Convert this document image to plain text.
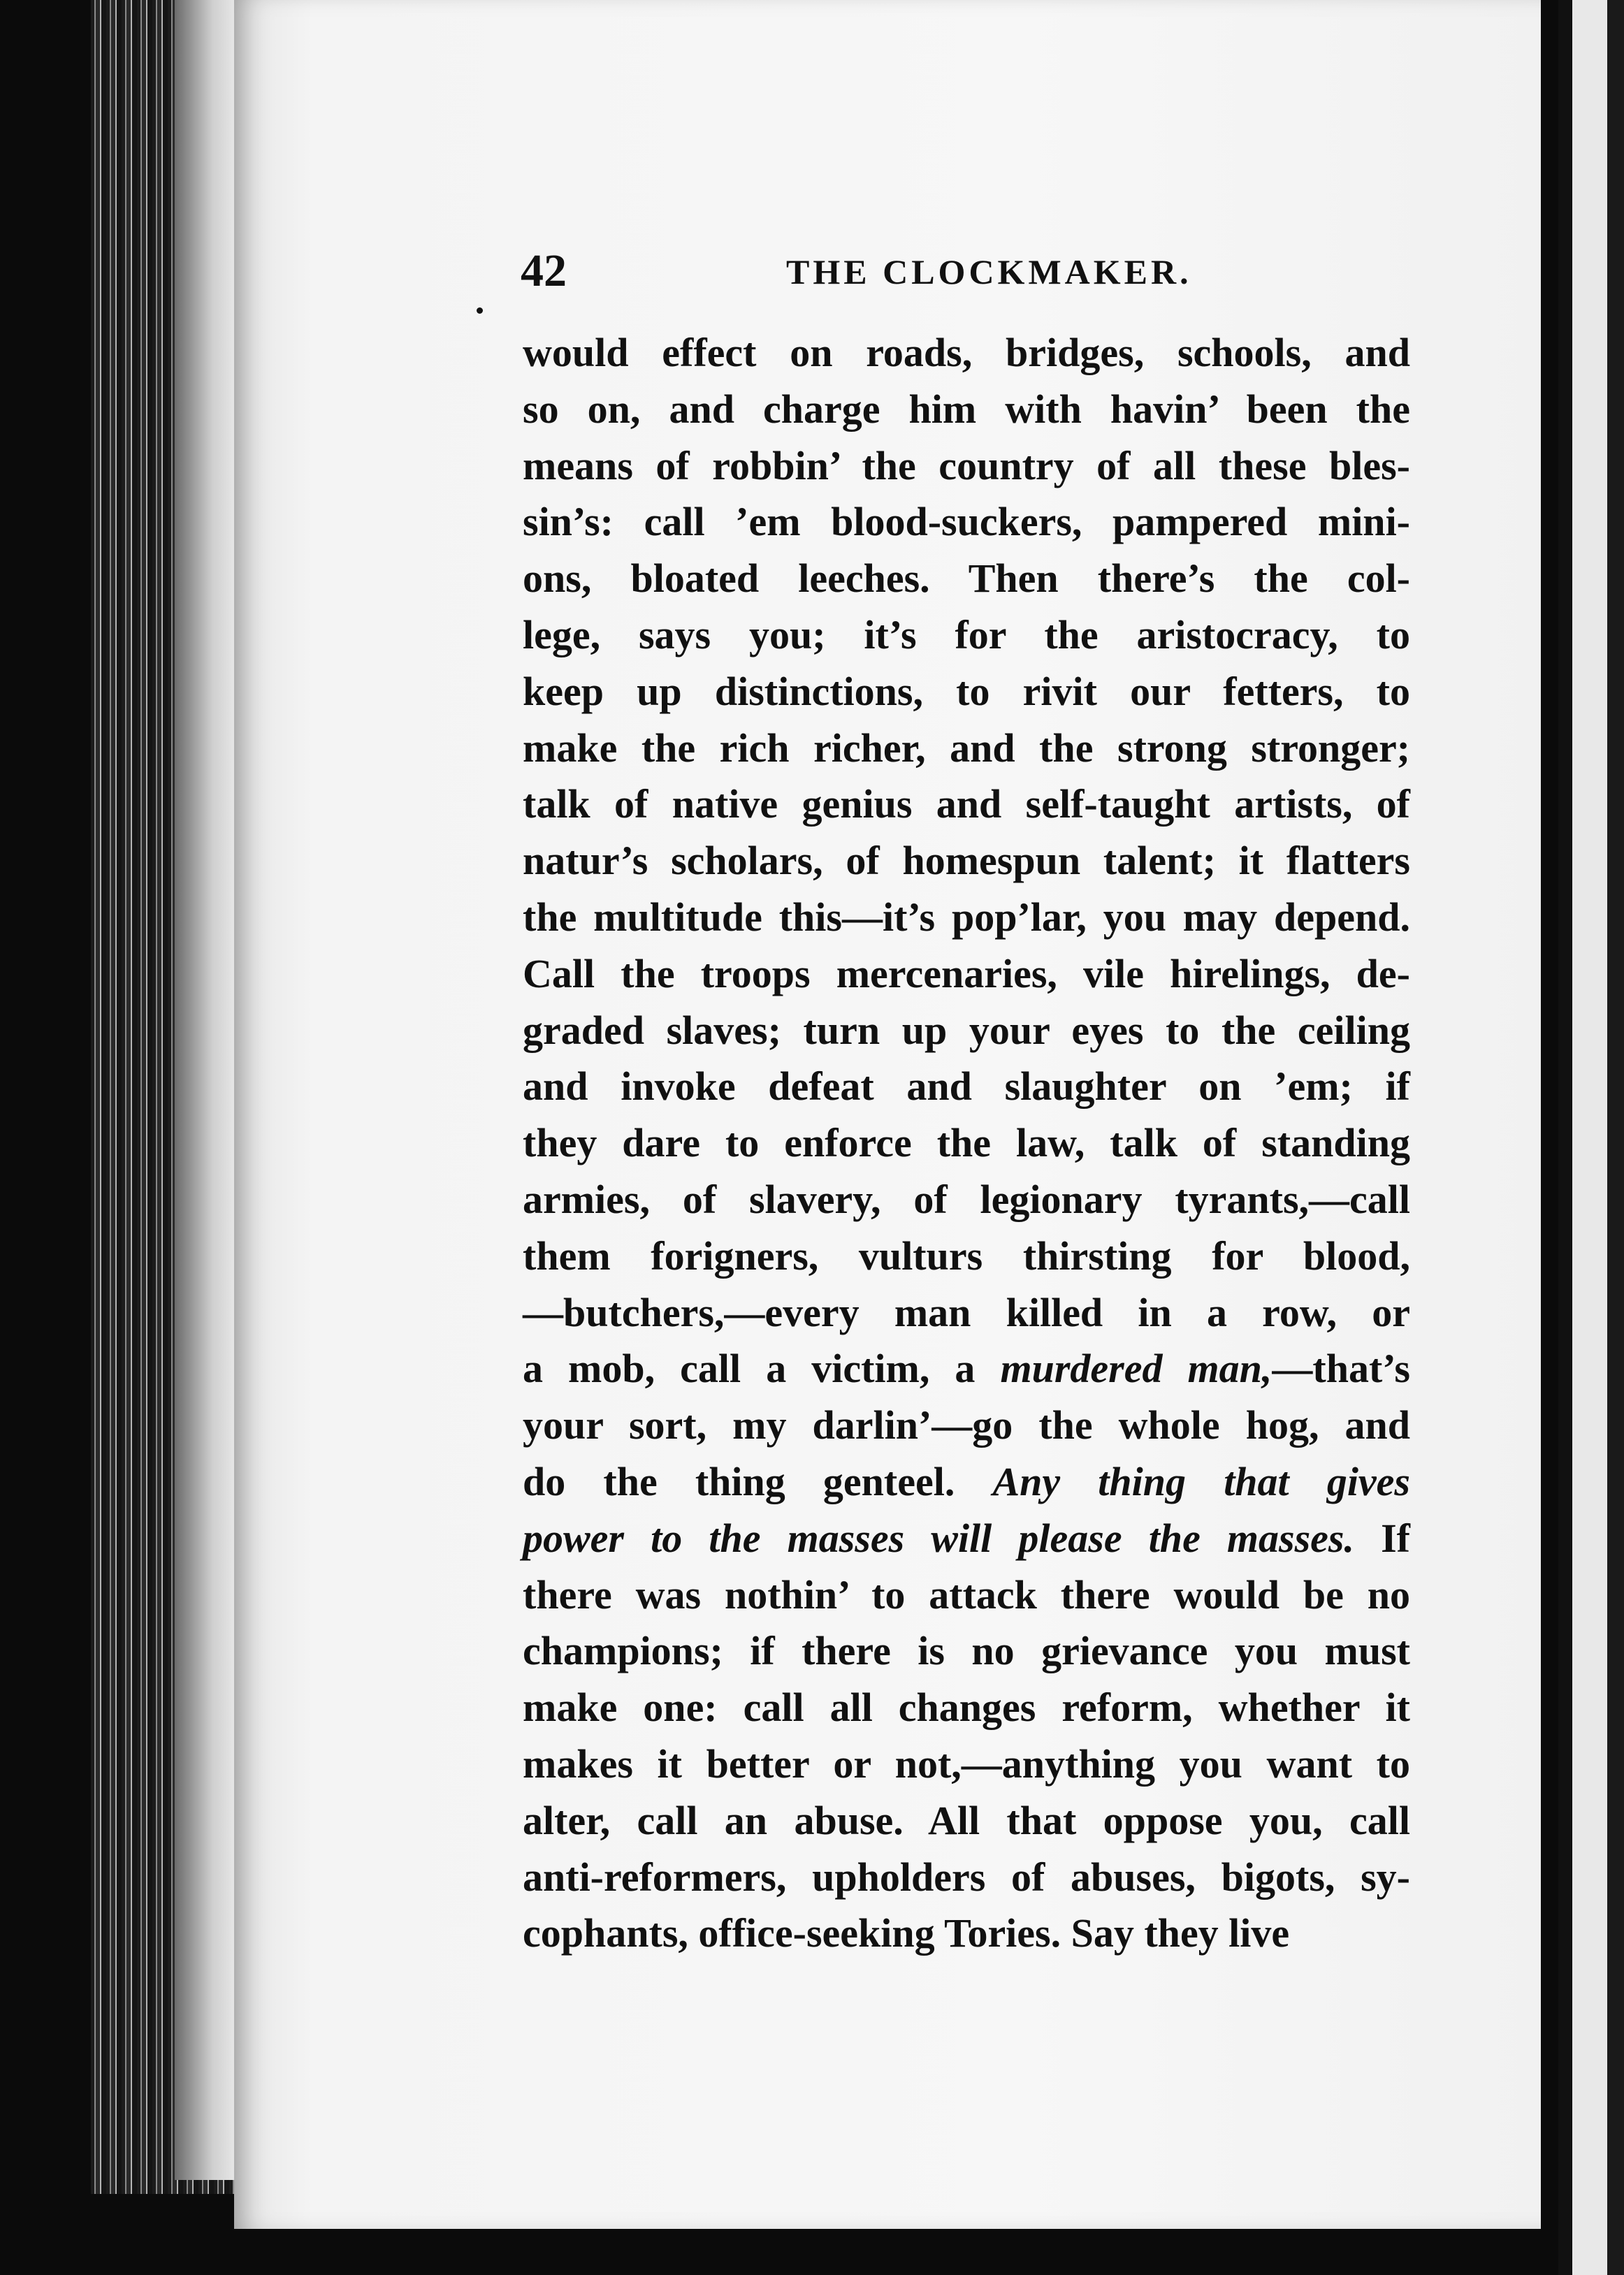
42	THE CLOCKMAKER.
would effect on roads, bridges, schools, and
so on, and charge him with havin’ been the
means of robbin’ the country of all these bles-
sin’s: call ’em blood-suckers, pampered mini-
ons, bloated leeches. Then there’s the col-
lege, says you; it’s for the aristocracy, to
keep up distinctions, to rivit our fetters, to
make the rich richer, and the strong stronger;
talk of native genius and self-taught artists, of
natur’s scholars, of homespun talent; it flatters
the multitude this—it’s pop’lar, you may depend.
Call the troops mercenaries, vile hirelings, de-
graded slaves; turn up your eyes to the ceiling
and invoke defeat and slaughter on ’em; if
they dare to enforce the law, talk of standing
armies, of slavery, of legionary tyrants,—call
them forigners, vulturs thirsting for blood,
—butchers,—every man killed in a row, or
a mob, call a victim, a murdered man,—that’s
your sort, my darlin’—go the whole hog, and
do the thing genteel. Any thing that gives
power to the masses will please the masses. If
there was nothin’ to attack there would be no
champions; if there is no grievance you must
make one: call all changes reform, whether it
makes it better or not,—anything you want to
alter, call an abuse. All that oppose you, call
anti-reformers, upholders of abuses, bigots, sy-
cophants, office-seeking Tories. Say they live
